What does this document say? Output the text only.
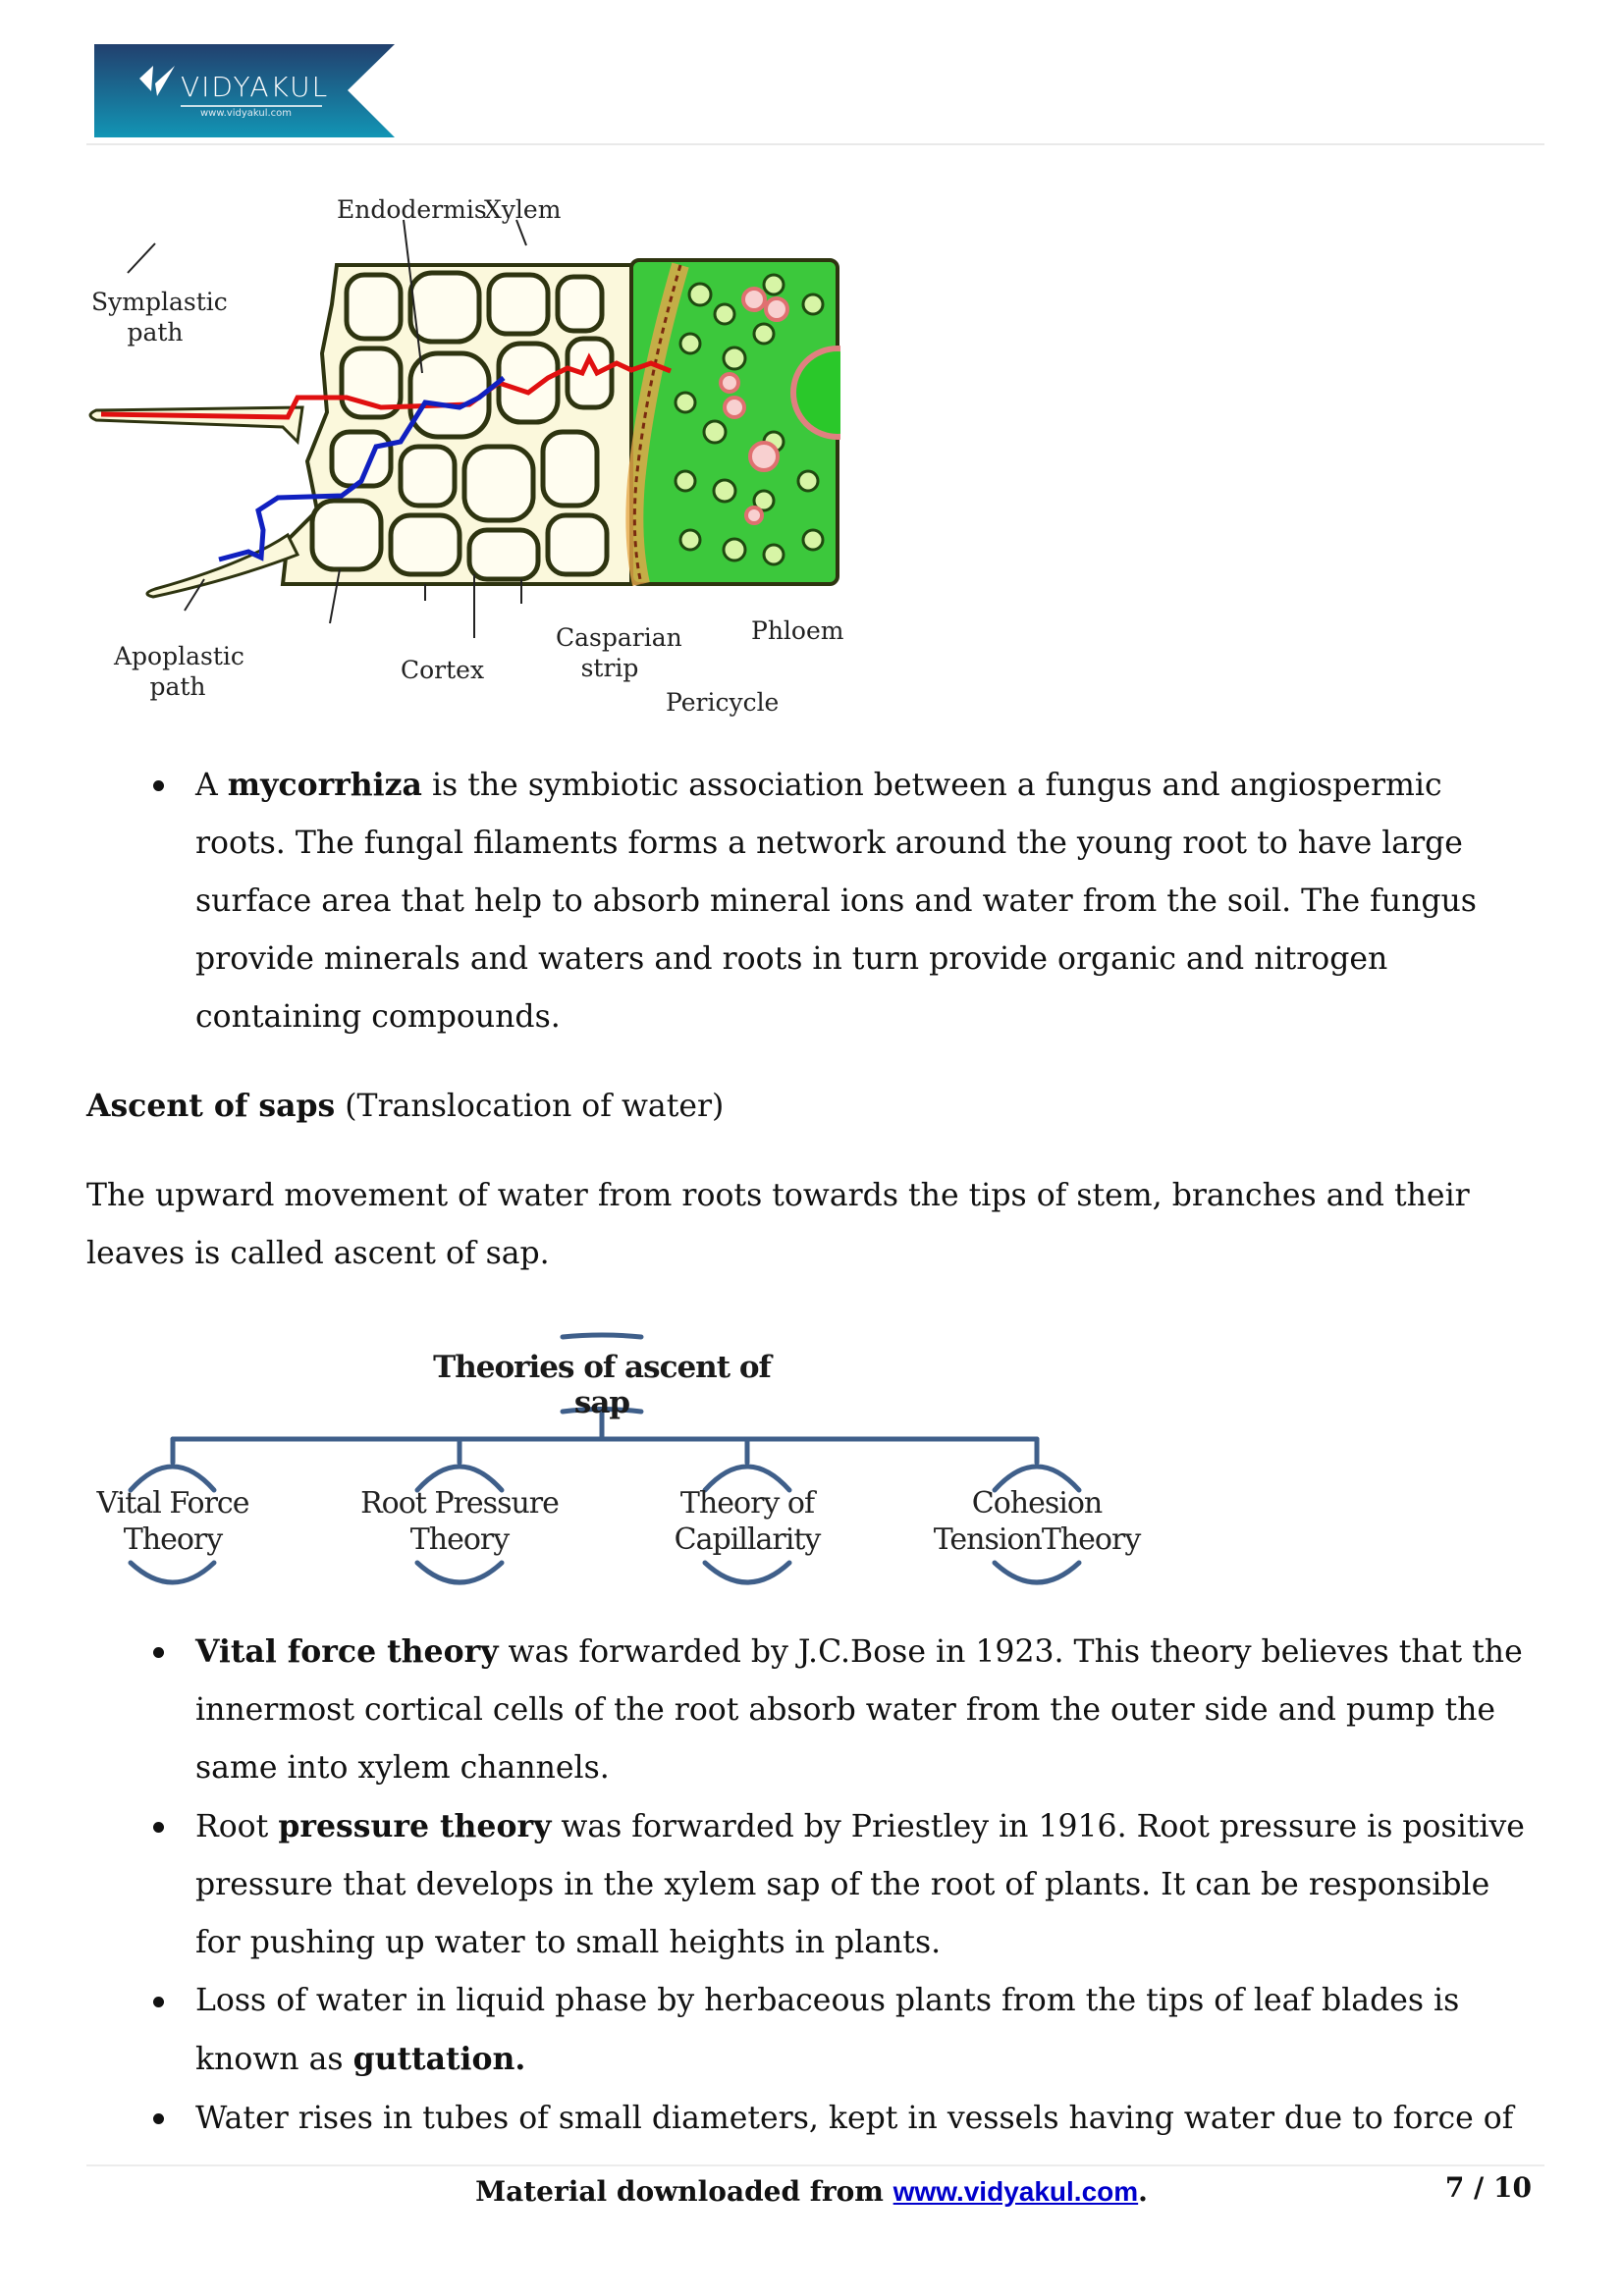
VIDYAKUL
www.vidyakul.com
Endodermis
Xylem
Symplastic
path
Apoplastic
path
Cortex
Casparian
strip
Phloem
Pericycle
A mycorrhiza is the symbiotic association between a fungus and angiospermic roots. The fungal filaments forms a network around the young root to have large surface area that help to absorb mineral ions and water from the soil. The fungus provide minerals and waters and roots in turn provide organic and nitrogen containing compounds.

Ascent of saps (Translocation of water)

The upward movement of water from roots towards the tips of stem, branches and their leaves is called ascent of sap.

Theories of ascent of sap
Vital Force
Theory
Root Pressure
Theory
Theory of
Capillarity
Cohesion
TensionTheory
Vital force theory was forwarded by J.C.Bose in 1923. This theory believes that the innermost cortical cells of the root absorb water from the outer side and pump the same into xylem channels.
Root pressure theory was forwarded by Priestley in 1916. Root pressure is positive pressure that develops in the xylem sap of the root of plants. It can be responsible for pushing up water to small heights in plants.
Loss of water in liquid phase by herbaceous plants from the tips of leaf blades is known as guttation.
Water rises in tubes of small diameters, kept in vessels having water due to force of
Material downloaded from www.vidyakul.com.	7 / 10
